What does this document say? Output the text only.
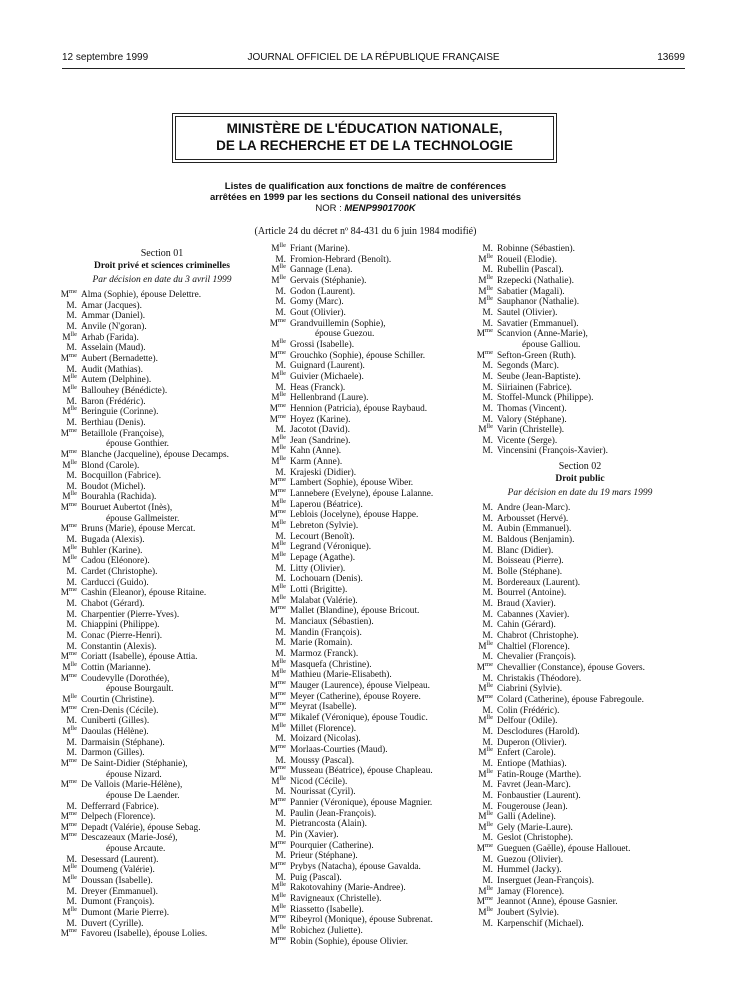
12 septembre 1999	JOURNAL OFFICIEL DE LA RÉPUBLIQUE FRANÇAISE	13699
MINISTÈRE DE L'ÉDUCATION NATIONALE,
DE LA RECHERCHE ET DE LA TECHNOLOGIE
Listes de qualification aux fonctions de maître de conférences
arrêtées en 1999 par les sections du Conseil national des universités
NOR : MENP9901700K
(Article 24 du décret nº 84-431 du 6 juin 1984 modifié)
Section 01
Droit privé et sciences criminelles
Par décision en date du 3 avril 1999
$M^{me}$ Alma (Sophie), épouse Delettre.
M. Amar (Jacques).
M. Ammar (Daniel).
M. Anvile (N'goran).
$M^{lle}$ Arhab (Farida).
M. Asselain (Maud).
$M^{me}$ Aubert (Bernadette).
M. Audit (Mathias).
$M^{lle}$ Autem (Delphine).
$M^{lle}$ Ballouhey (Bénédicte).
M. Baron (Frédéric).
$M^{lle}$ Beringuie (Corinne).
M. Berthiau (Denis).
$M^{me}$ Betaillole (Françoise),
épouse Gonthier.
$M^{me}$ Blanche (Jacqueline), épouse Decamps.
$M^{lle}$ Blond (Carole).
M. Bocquillon (Fabrice).
M. Boudot (Michel).
$M^{lle}$ Bourahla (Rachida).
$M^{me}$ Bouruet Aubertot (Inès),
épouse Gallmeister.
$M^{me}$ Bruns (Marie), épouse Mercat.
M. Bugada (Alexis).
$M^{lle}$ Buhler (Karine).
$M^{lle}$ Cadou (Eléonore).
M. Cardet (Christophe).
M. Carducci (Guido).
$M^{me}$ Cashin (Eleanor), épouse Ritaine.
M. Chabot (Gérard).
M. Charpentier (Pierre-Yves).
M. Chiappini (Philippe).
M. Conac (Pierre-Henri).
M. Constantin (Alexis).
$M^{me}$ Coriatt (Isabelle), épouse Attia.
$M^{lle}$ Cottin (Marianne).
$M^{me}$ Coudevylle (Dorothée),
épouse Bourgault.
$M^{lle}$ Courtin (Christine).
$M^{me}$ Cren-Denis (Cécile).
M. Cuniberti (Gilles).
$M^{lle}$ Daoulas (Hélène).
M. Darmaisin (Stéphane).
M. Darmon (Gilles).
$M^{me}$ De Saint-Didier (Stéphanie),
épouse Nizard.
$M^{me}$ De Vallois (Marie-Hélène),
épouse De Laender.
M. Defferrard (Fabrice).
$M^{me}$ Delpech (Florence).
$M^{me}$ Depadt (Valérie), épouse Sebag.
$M^{me}$ Descazeaux (Marie-José),
épouse Arcaute.
M. Desessard (Laurent).
$M^{lle}$ Doumeng (Valérie).
$M^{lle}$ Doussan (Isabelle).
M. Dreyer (Emmanuel).
M. Dumont (François).
$M^{lle}$ Dumont (Marie Pierre).
M. Duvert (Cyrille).
$M^{me}$ Favoreu (Isabelle), épouse Lolies.
$M^{lle}$ Friant (Marine).
M. Fromion-Hebrard (Benoît).
$M^{lle}$ Gannage (Lena).
$M^{lle}$ Gervais (Stéphanie).
M. Godon (Laurent).
M. Gomy (Marc).
M. Gout (Olivier).
$M^{me}$ Grandvuillemin (Sophie),
épouse Guezou.
$M^{lle}$ Grossi (Isabelle).
$M^{me}$ Grouchko (Sophie), épouse Schiller.
M. Guignard (Laurent).
$M^{lle}$ Guivier (Michaele).
M. Heas (Franck).
$M^{lle}$ Hellenbrand (Laure).
$M^{me}$ Hennion (Patricia), épouse Raybaud.
$M^{me}$ Hoyez (Karine).
M. Jacotot (David).
$M^{lle}$ Jean (Sandrine).
$M^{lle}$ Kahn (Anne).
$M^{lle}$ Karm (Anne).
M. Krajeski (Didier).
$M^{me}$ Lambert (Sophie), épouse Wiber.
$M^{me}$ Lannebere (Evelyne), épouse Lalanne.
$M^{lle}$ Laperou (Béatrice).
$M^{me}$ Leblois (Jocelyne), épouse Happe.
$M^{lle}$ Lebreton (Sylvie).
M. Lecourt (Benoît).
$M^{lle}$ Legrand (Véronique).
$M^{lle}$ Lepage (Agathe).
M. Litty (Olivier).
M. Lochouarn (Denis).
$M^{lle}$ Lotti (Brigitte).
$M^{lle}$ Malabat (Valérie).
$M^{me}$ Mallet (Blandine), épouse Bricout.
M. Manciaux (Sébastien).
M. Mandin (François).
M. Marie (Romain).
M. Marmoz (Franck).
$M^{lle}$ Masquefa (Christine).
$M^{lle}$ Mathieu (Marie-Elisabeth).
$M^{me}$ Mauger (Laurence), épouse Vielpeau.
$M^{me}$ Meyer (Catherine), épouse Royere.
$M^{me}$ Meyrat (Isabelle).
$M^{me}$ Mikalef (Véronique), épouse Toudic.
$M^{lle}$ Millet (Florence).
M. Moizard (Nicolas).
$M^{me}$ Morlaas-Courties (Maud).
M. Moussy (Pascal).
$M^{me}$ Musseau (Béatrice), épouse Chapleau.
$M^{lle}$ Nicod (Cécile).
M. Nourissat (Cyril).
$M^{me}$ Pannier (Véronique), épouse Magnier.
M. Paulin (Jean-François).
M. Pietrancosta (Alain).
M. Pin (Xavier).
$M^{me}$ Pourquier (Catherine).
M. Prieur (Stéphane).
$M^{me}$ Prybys (Natacha), épouse Gavalda.
M. Puig (Pascal).
$M^{lle}$ Rakotovahiny (Marie-Andree).
$M^{lle}$ Ravigneaux (Christelle).
$M^{lle}$ Riassetto (Isabelle).
$M^{me}$ Ribeyrol (Monique), épouse Subrenat.
$M^{lle}$ Robichez (Juliette).
$M^{me}$ Robin (Sophie), épouse Olivier.
M. Robinne (Sébastien).
$M^{lle}$ Roueil (Elodie).
M. Rubellin (Pascal).
$M^{lle}$ Rzepecki (Nathalie).
$M^{lle}$ Sabatier (Magali).
$M^{lle}$ Sauphanor (Nathalie).
M. Sautel (Olivier).
M. Savatier (Emmanuel).
$M^{me}$ Scanvion (Anne-Marie),
épouse Galliou.
$M^{me}$ Sefton-Green (Ruth).
M. Segonds (Marc).
M. Seube (Jean-Baptiste).
M. Siiriainen (Fabrice).
M. Stoffel-Munck (Philippe).
M. Thomas (Vincent).
M. Valory (Stéphane).
$M^{lle}$ Varin (Christelle).
M. Vicente (Serge).
M. Vincensini (François-Xavier).
Section 02
Droit public
Par décision en date du 19 mars 1999
M. Andre (Jean-Marc).
M. Arbousset (Hervé).
M. Aubin (Emmanuel).
M. Baldous (Benjamin).
M. Blanc (Didier).
M. Boisseau (Pierre).
M. Bolle (Stéphane).
M. Bordereaux (Laurent).
M. Bourrel (Antoine).
M. Braud (Xavier).
M. Cabannes (Xavier).
M. Cahin (Gérard).
M. Chabrot (Christophe).
$M^{lle}$ Chaltiel (Florence).
M. Chevalier (François).
$M^{me}$ Chevallier (Constance), épouse Govers.
M. Christakis (Théodore).
$M^{lle}$ Ciabrini (Sylvie).
$M^{me}$ Colard (Catherine), épouse Fabregoule.
M. Colin (Frédéric).
$M^{lle}$ Delfour (Odile).
M. Desclodures (Harold).
M. Duperon (Olivier).
$M^{lle}$ Enfert (Carole).
M. Entiope (Mathias).
$M^{lle}$ Fatin-Rouge (Marthe).
M. Favret (Jean-Marc).
M. Fonbaustier (Laurent).
M. Fougerouse (Jean).
$M^{lle}$ Galli (Adeline).
$M^{lle}$ Gely (Marie-Laure).
M. Geslot (Christophe).
$M^{me}$ Gueguen (Gaëlle), épouse Hallouet.
M. Guezou (Olivier).
M. Hummel (Jacky).
M. Inserguet (Jean-François).
$M^{lle}$ Jamay (Florence).
$M^{me}$ Jeannot (Anne), épouse Gasnier.
$M^{lle}$ Joubert (Sylvie).
M. Karpenschif (Michael).
